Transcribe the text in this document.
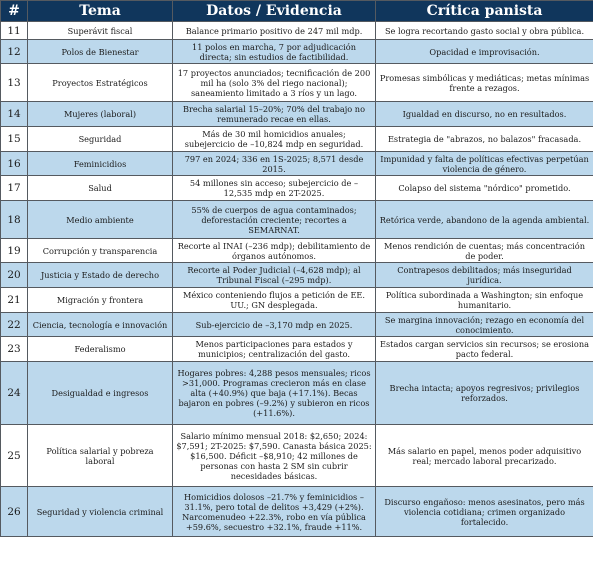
#	Tema	Datos / Evidencia	Crítica panista
11	Superávit fiscal	Balance primario positivo de 247 mil mdp.	Se logra recortando gasto social y obra pública.
12	Polos de Bienestar	11 polos en marcha, 7 por adjudicación directa; sin estudios de factibilidad.	Opacidad e improvisación.
13	Proyectos Estratégicos	17 proyectos anunciados; tecnificación de 200 mil ha (solo 3% del riego nacional); saneamiento limitado a 3 ríos y un lago.	Promesas simbólicas y mediáticas; metas mínimas frente a rezagos.
14	Mujeres (laboral)	Brecha salarial 15–20%; 70% del trabajo no remunerado recae en ellas.	Igualdad en discurso, no en resultados.
15	Seguridad	Más de 30 mil homicidios anuales; subejercicio de –10,824 mdp en seguridad.	Estrategia de "abrazos, no balazos" fracasada.
16	Feminicidios	797 en 2024; 336 en 1S-2025; 8,571 desde 2015.	Impunidad y falta de políticas efectivas perpetúan violencia de género.
17	Salud	54 millones sin acceso; subejercicio de –12,535 mdp en 2T-2025.	Colapso del sistema "nórdico" prometido.
18	Medio ambiente	55% de cuerpos de agua contaminados; deforestación creciente; recortes a SEMARNAT.	Retórica verde, abandono de la agenda ambiental.
19	Corrupción y transparencia	Recorte al INAI (–236 mdp); debilitamiento de órganos autónomos.	Menos rendición de cuentas; más concentración de poder.
20	Justicia y Estado de derecho	Recorte al Poder Judicial (–4,628 mdp); al Tribunal Fiscal (–295 mdp).	Contrapesos debilitados; más inseguridad jurídica.
21	Migración y frontera	México conteniendo flujos a petición de EE. UU.; GN desplegada.	Política subordinada a Washington; sin enfoque humanitario.
22	Ciencia, tecnología e innovación	Sub-ejercicio de –3,170 mdp en 2025.	Se margina innovación; rezago en economía del conocimiento.
23	Federalismo	Menos participaciones para estados y municipios; centralización del gasto.	Estados cargan servicios sin recursos; se erosiona pacto federal.
24	Desigualdad e ingresos	Hogares pobres: 4,288 pesos mensuales; ricos >31,000. Programas crecieron más en clase alta (+40.9%) que baja (+17.1%). Becas bajaron en pobres (–9.2%) y subieron en ricos (+11.6%).	Brecha intacta; apoyos regresivos; privilegios reforzados.
25	Política salarial y pobreza laboral	Salario mínimo mensual 2018: $2,650; 2024: $7,591; 2T-2025: $7,590. Canasta básica 2025: $16,500. Déficit –$8,910; 42 millones de personas con hasta 2 SM sin cubrir necesidades básicas.	Más salario en papel, menos poder adquisitivo real; mercado laboral precarizado.
26	Seguridad y violencia criminal	Homicidios dolosos –21.7% y feminicidios –31.1%, pero total de delitos +3,429 (+2%). Narcomenudeo +22.3%, robo en vía pública +59.6%, secuestro +32.1%, fraude +11%.	Discurso engañoso: menos asesinatos, pero más violencia cotidiana; crimen organizado fortalecido.
